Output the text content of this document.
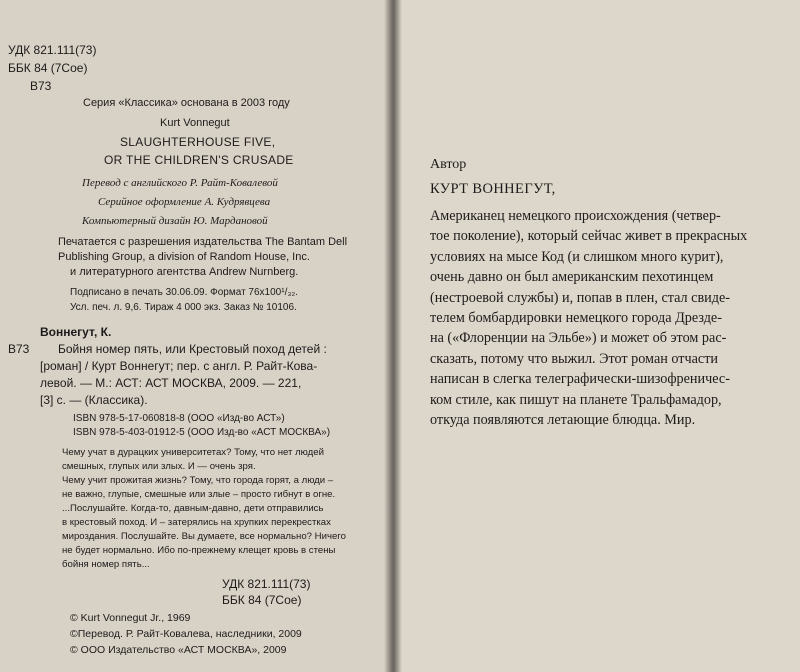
УДК 821.111(73)
ББК 84 (7Сое)
В73
Серия «Классика» основана в 2003 году
Kurt Vonnegut
SLAUGHTERHOUSE FIVE,
OR THE CHILDREN'S CRUSADE
Перевод с английского Р. Райт-Ковалевой
Серийное оформление А. Кудрявцева
Компьютерный дизайн Ю. Мардановой
Печатается с разрешения издательства The Bantam Dell
Publishing Group, a division of Random House, Inc.
и литературного агентства Andrew Nurnberg.
Подписано в печать 30.06.09. Формат 76x100¹/₃₂.
Усл. печ. л. 9,6. Тираж 4 000 экз. Заказ № 10106.
Воннегут, К.
В73 Бойня номер пять, или Крестовый поход детей :
[роман] / Курт Воннегут; пер. с англ. Р. Райт-Кова-
левой. — М.: АСТ: АСТ МОСКВА, 2009. — 221,
[3] с. — (Классика).
ISBN 978-5-17-060818-8 (ООО «Изд-во АСТ»)
ISBN 978-5-403-01912-5 (ООО Изд-во «АСТ МОСКВА»)
Чему учат в дурацких университетах? Тому, что нет людей
смешных, глупых или злых. И — очень зря.
Чему учит прожитая жизнь? Тому, что города горят, а люди –
не важно, глупые, смешные или злые – просто гибнут в огне.
...Послушайте. Когда-то, давным-давно, дети отправились
в крестовый поход. И – затерялись на хрупких перекрестках
мироздания. Послушайте. Вы думаете, все нормально? Ничего
не будет нормально. Ибо по-прежнему клещет кровь в стены
бойня номер пять...
УДК 821.111(73)
ББК 84 (7Сое)
© Kurt Vonnegut Jr., 1969
©Перевод. Р. Райт-Ковалева, наследники, 2009
© ООО Издательство «АСТ МОСКВА», 2009
Автор
КУРТ ВОННЕГУТ,
Американец немецкого происхождения (четвер-
тое поколение), который сейчас живет в прекрасных
условиях на мысе Код (и слишком много курит),
очень давно он был американским пехотинцем
(нестроевой службы) и, попав в плен, стал свиде-
телем бомбардировки немецкого города Дрезде-
на («Флоренции на Эльбе») и может об этом рас-
сказать, потому что выжил. Этот роман отчасти
написан в слегка телеграфически-шизофреничес-
ком стиле, как пишут на планете Тральфамадор,
откуда появляются летающие блюдца. Мир.
